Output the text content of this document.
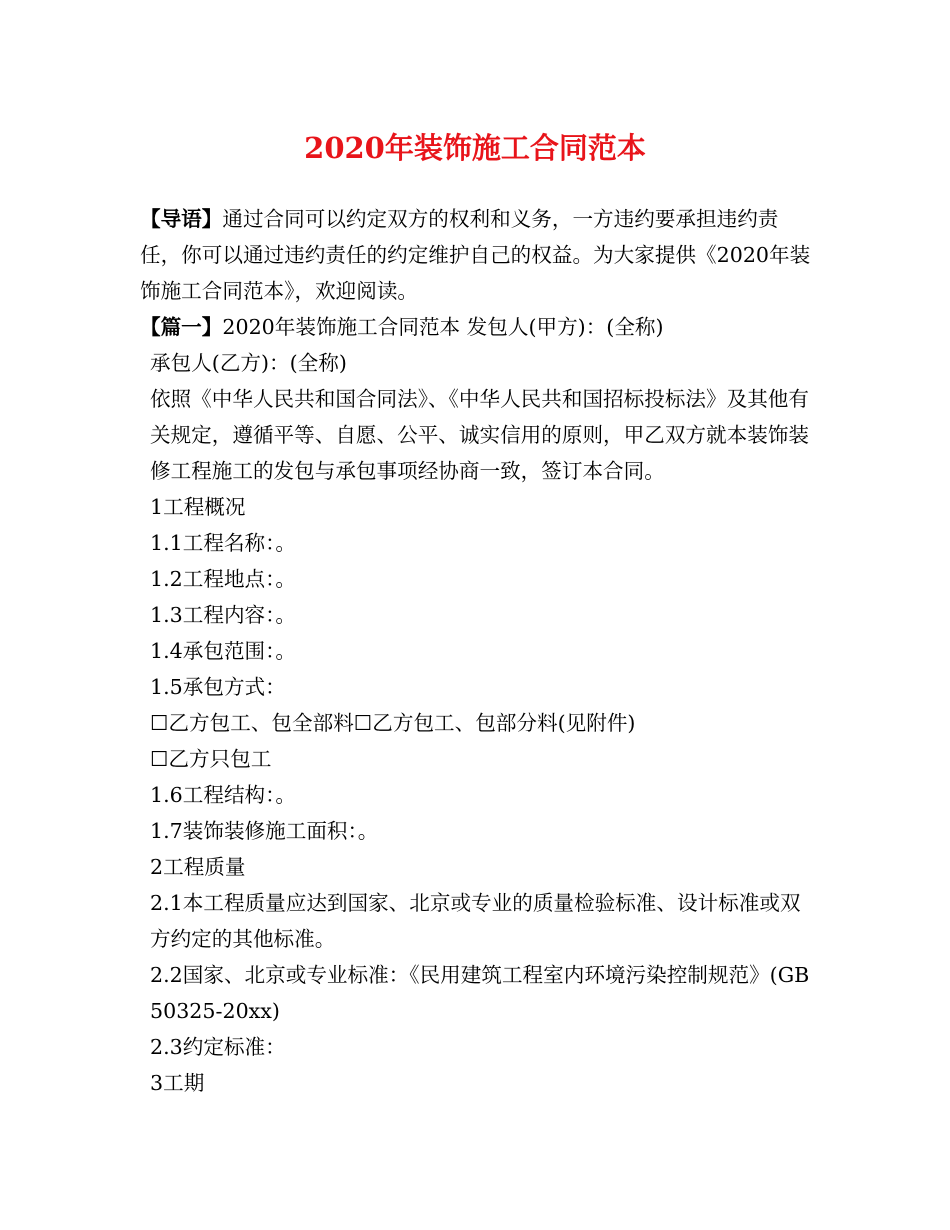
2020年装饰施工合同范本

【导语】通过合同可以约定双方的权利和义务，一方违约要承担违约责任，你可以通过违约责任的约定维护自己的权益。为大家提供《2020年装饰施工合同范本》，欢迎阅读。

【篇一】2020年装饰施工合同范本 发包人(甲方)：(全称)

承包人(乙方)：(全称)

依照《中华人民共和国合同法》、《中华人民共和国招标投标法》及其他有关规定，遵循平等、自愿、公平、诚实信用的原则，甲乙双方就本装饰装修工程施工的发包与承包事项经协商一致，签订本合同。

1工程概况

1.1工程名称：。

1.2工程地点：。

1.3工程内容：。

1.4承包范围：。

1.5承包方式：

☐乙方包工、包全部料☐乙方包工、包部分料(见附件)

☐乙方只包工

1.6工程结构：。

1.7装饰装修施工面积：。

2工程质量

2.1本工程质量应达到国家、北京或专业的质量检验标准、设计标准或双方约定的其他标准。

2.2国家、北京或专业标准：《民用建筑工程室内环境污染控制规范》(GB50325-20xx)

2.3约定标准：

3工期
